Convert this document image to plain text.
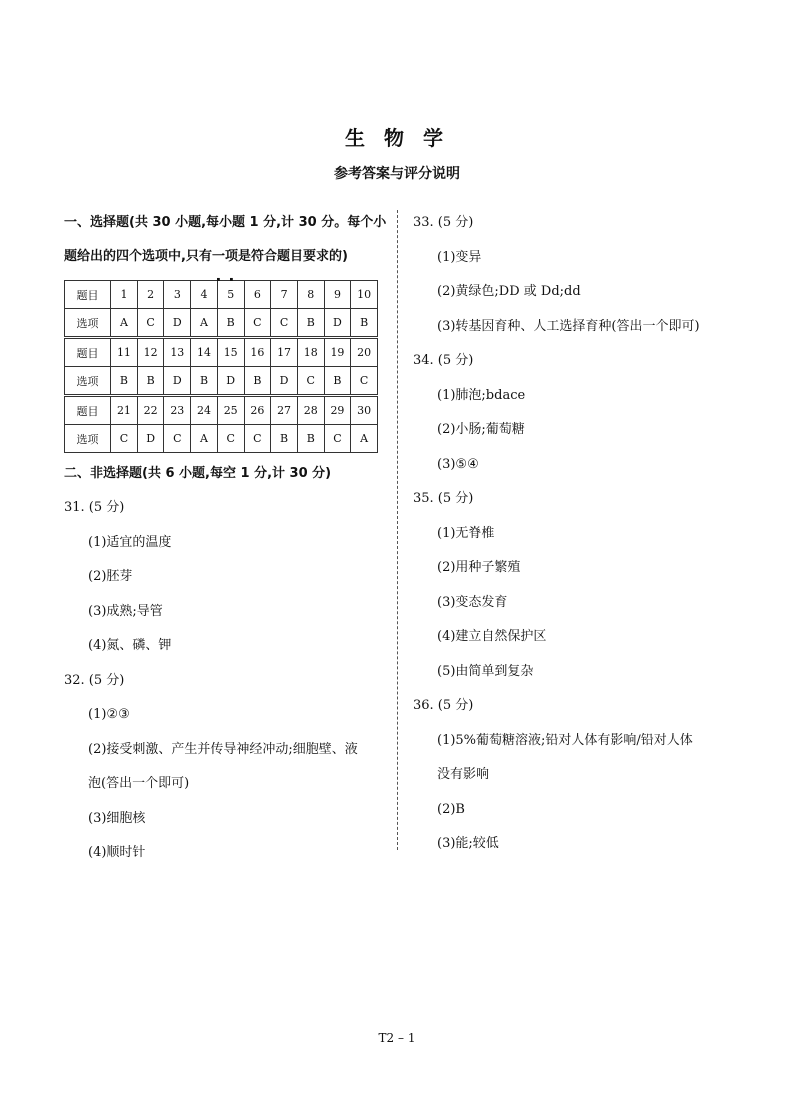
生 物 学
参考答案与评分说明
一、选择题(共 30 小题,每小题 1 分,计 30 分。每个小
题给出的四个选项中,只有一项是符合题目要求的)
题目	1	2	3	4	5	6	7	8	9	10
选项	A	C	D	A	B	C	C	B	D	B
题目	11	12	13	14	15	16	17	18	19	20
选项	B	B	D	B	D	B	D	C	B	C
题目	21	22	23	24	25	26	27	28	29	30
选项	C	D	C	A	C	C	B	B	C	A
二、非选择题(共 6 小题,每空 1 分,计 30 分)
31. (5 分)
(1)适宜的温度
(2)胚芽
(3)成熟;导管
(4)氮、磷、钾
32. (5 分)
(1)②③
(2)接受刺激、产生并传导神经冲动;细胞壁、液
泡(答出一个即可)
(3)细胞核
(4)顺时针
33. (5 分)
(1)变异
(2)黄绿色;DD 或 Dd;dd
(3)转基因育种、人工选择育种(答出一个即可)
34. (5 分)
(1)肺泡;bdace
(2)小肠;葡萄糖
(3)⑤④
35. (5 分)
(1)无脊椎
(2)用种子繁殖
(3)变态发育
(4)建立自然保护区
(5)由简单到复杂
36. (5 分)
(1)5%葡萄糖溶液;铅对人体有影响/铅对人体
没有影响
(2)B
(3)能;较低
T2 – 1
